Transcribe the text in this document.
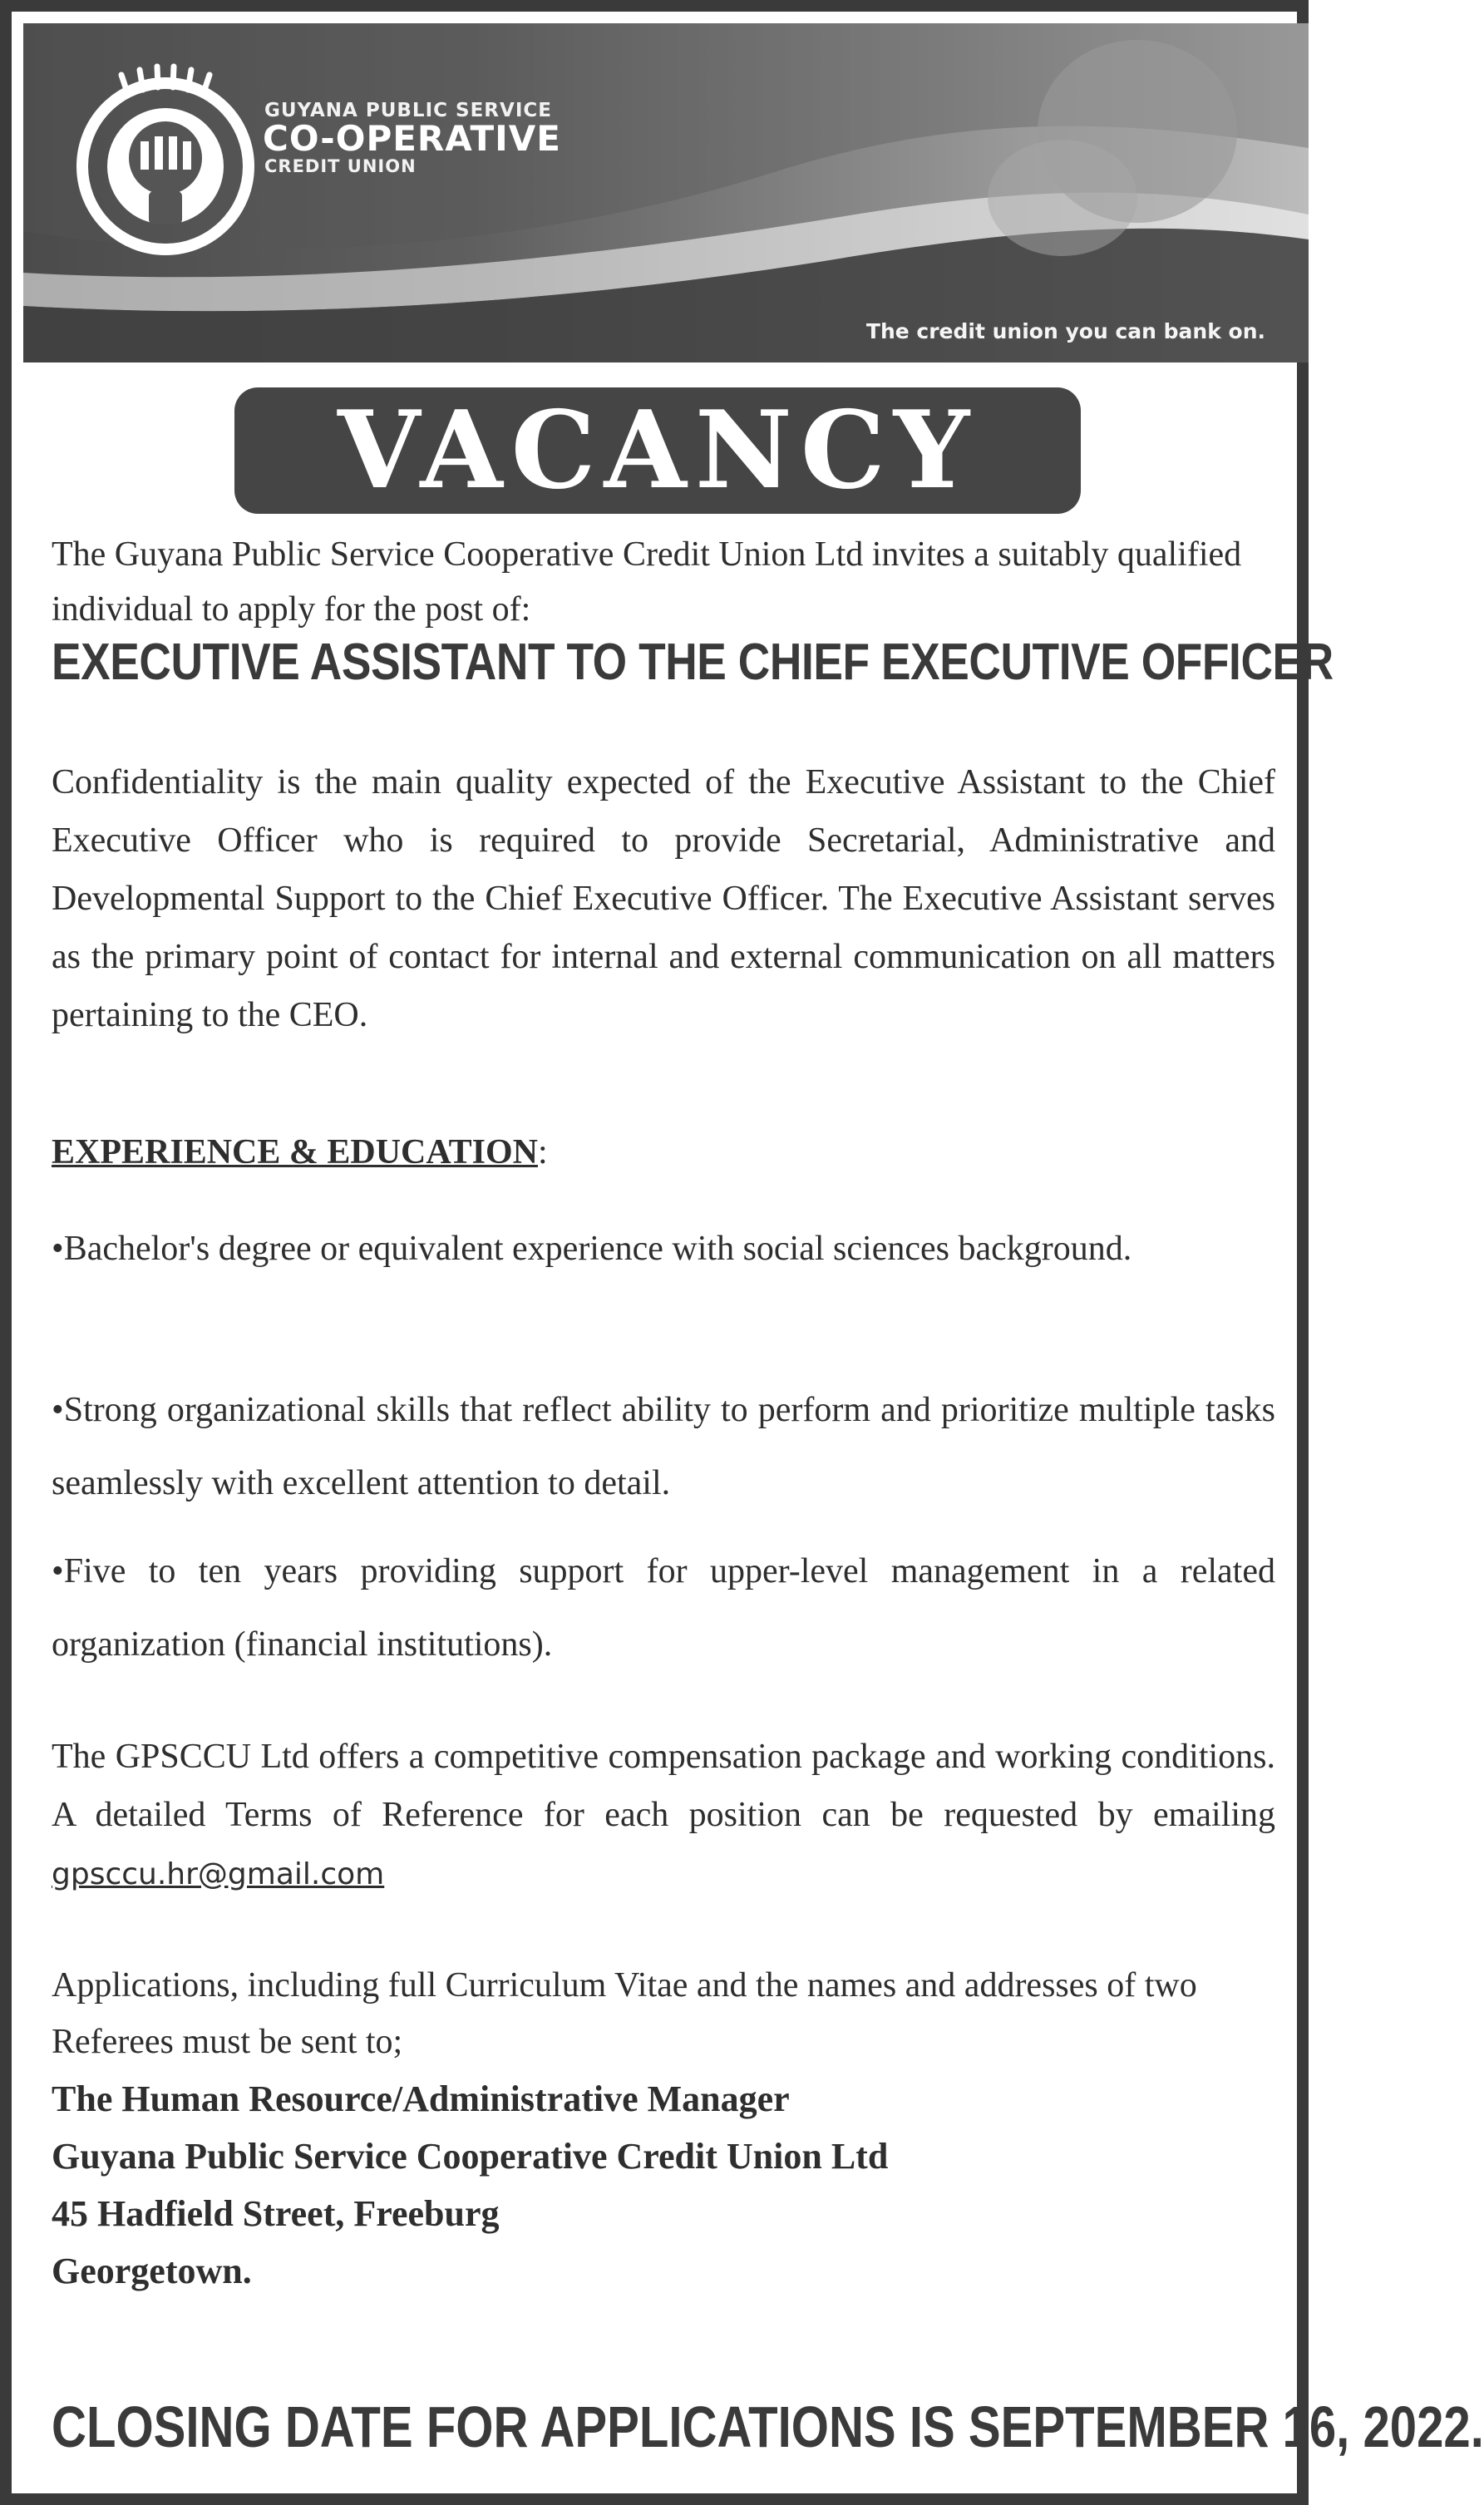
GUYANA PUBLIC SERVICE
CO-OPERATIVE
CREDIT UNION
The credit union you can bank on.
VACANCY
The Guyana Public Service Cooperative Credit Union Ltd invites a suitably qualified individual to apply for the post of:
EXECUTIVE ASSISTANT TO THE CHIEF EXECUTIVE OFFICER

Confidentiality is the main quality expected of the Executive Assistant to the Chief Executive Officer who is required to provide Secretarial, Administrative and Developmental Support to the Chief Executive Officer. The Executive Assistant serves as the primary point of contact for internal and external communication on all matters pertaining to the CEO.

EXPERIENCE & EDUCATION:
•Bachelor's degree or equivalent experience with social sciences background.
•Strong organizational skills that reflect ability to perform and prioritize multiple tasks seamlessly with excellent attention to detail.
•Five to ten years providing support for upper-level management in a related organization (financial institutions).
The GPSCCU Ltd offers a competitive compensation package and working conditions. A detailed Terms of Reference for each position can be requested by emailing gpsccu.hr@gmail.com
Applications, including full Curriculum Vitae and the names and addresses of two Referees must be sent to;
The Human Resource/Administrative Manager
Guyana Public Service Cooperative Credit Union Ltd
45 Hadfield Street, Freeburg
Georgetown.
CLOSING DATE FOR APPLICATIONS IS SEPTEMBER 16, 2022.
